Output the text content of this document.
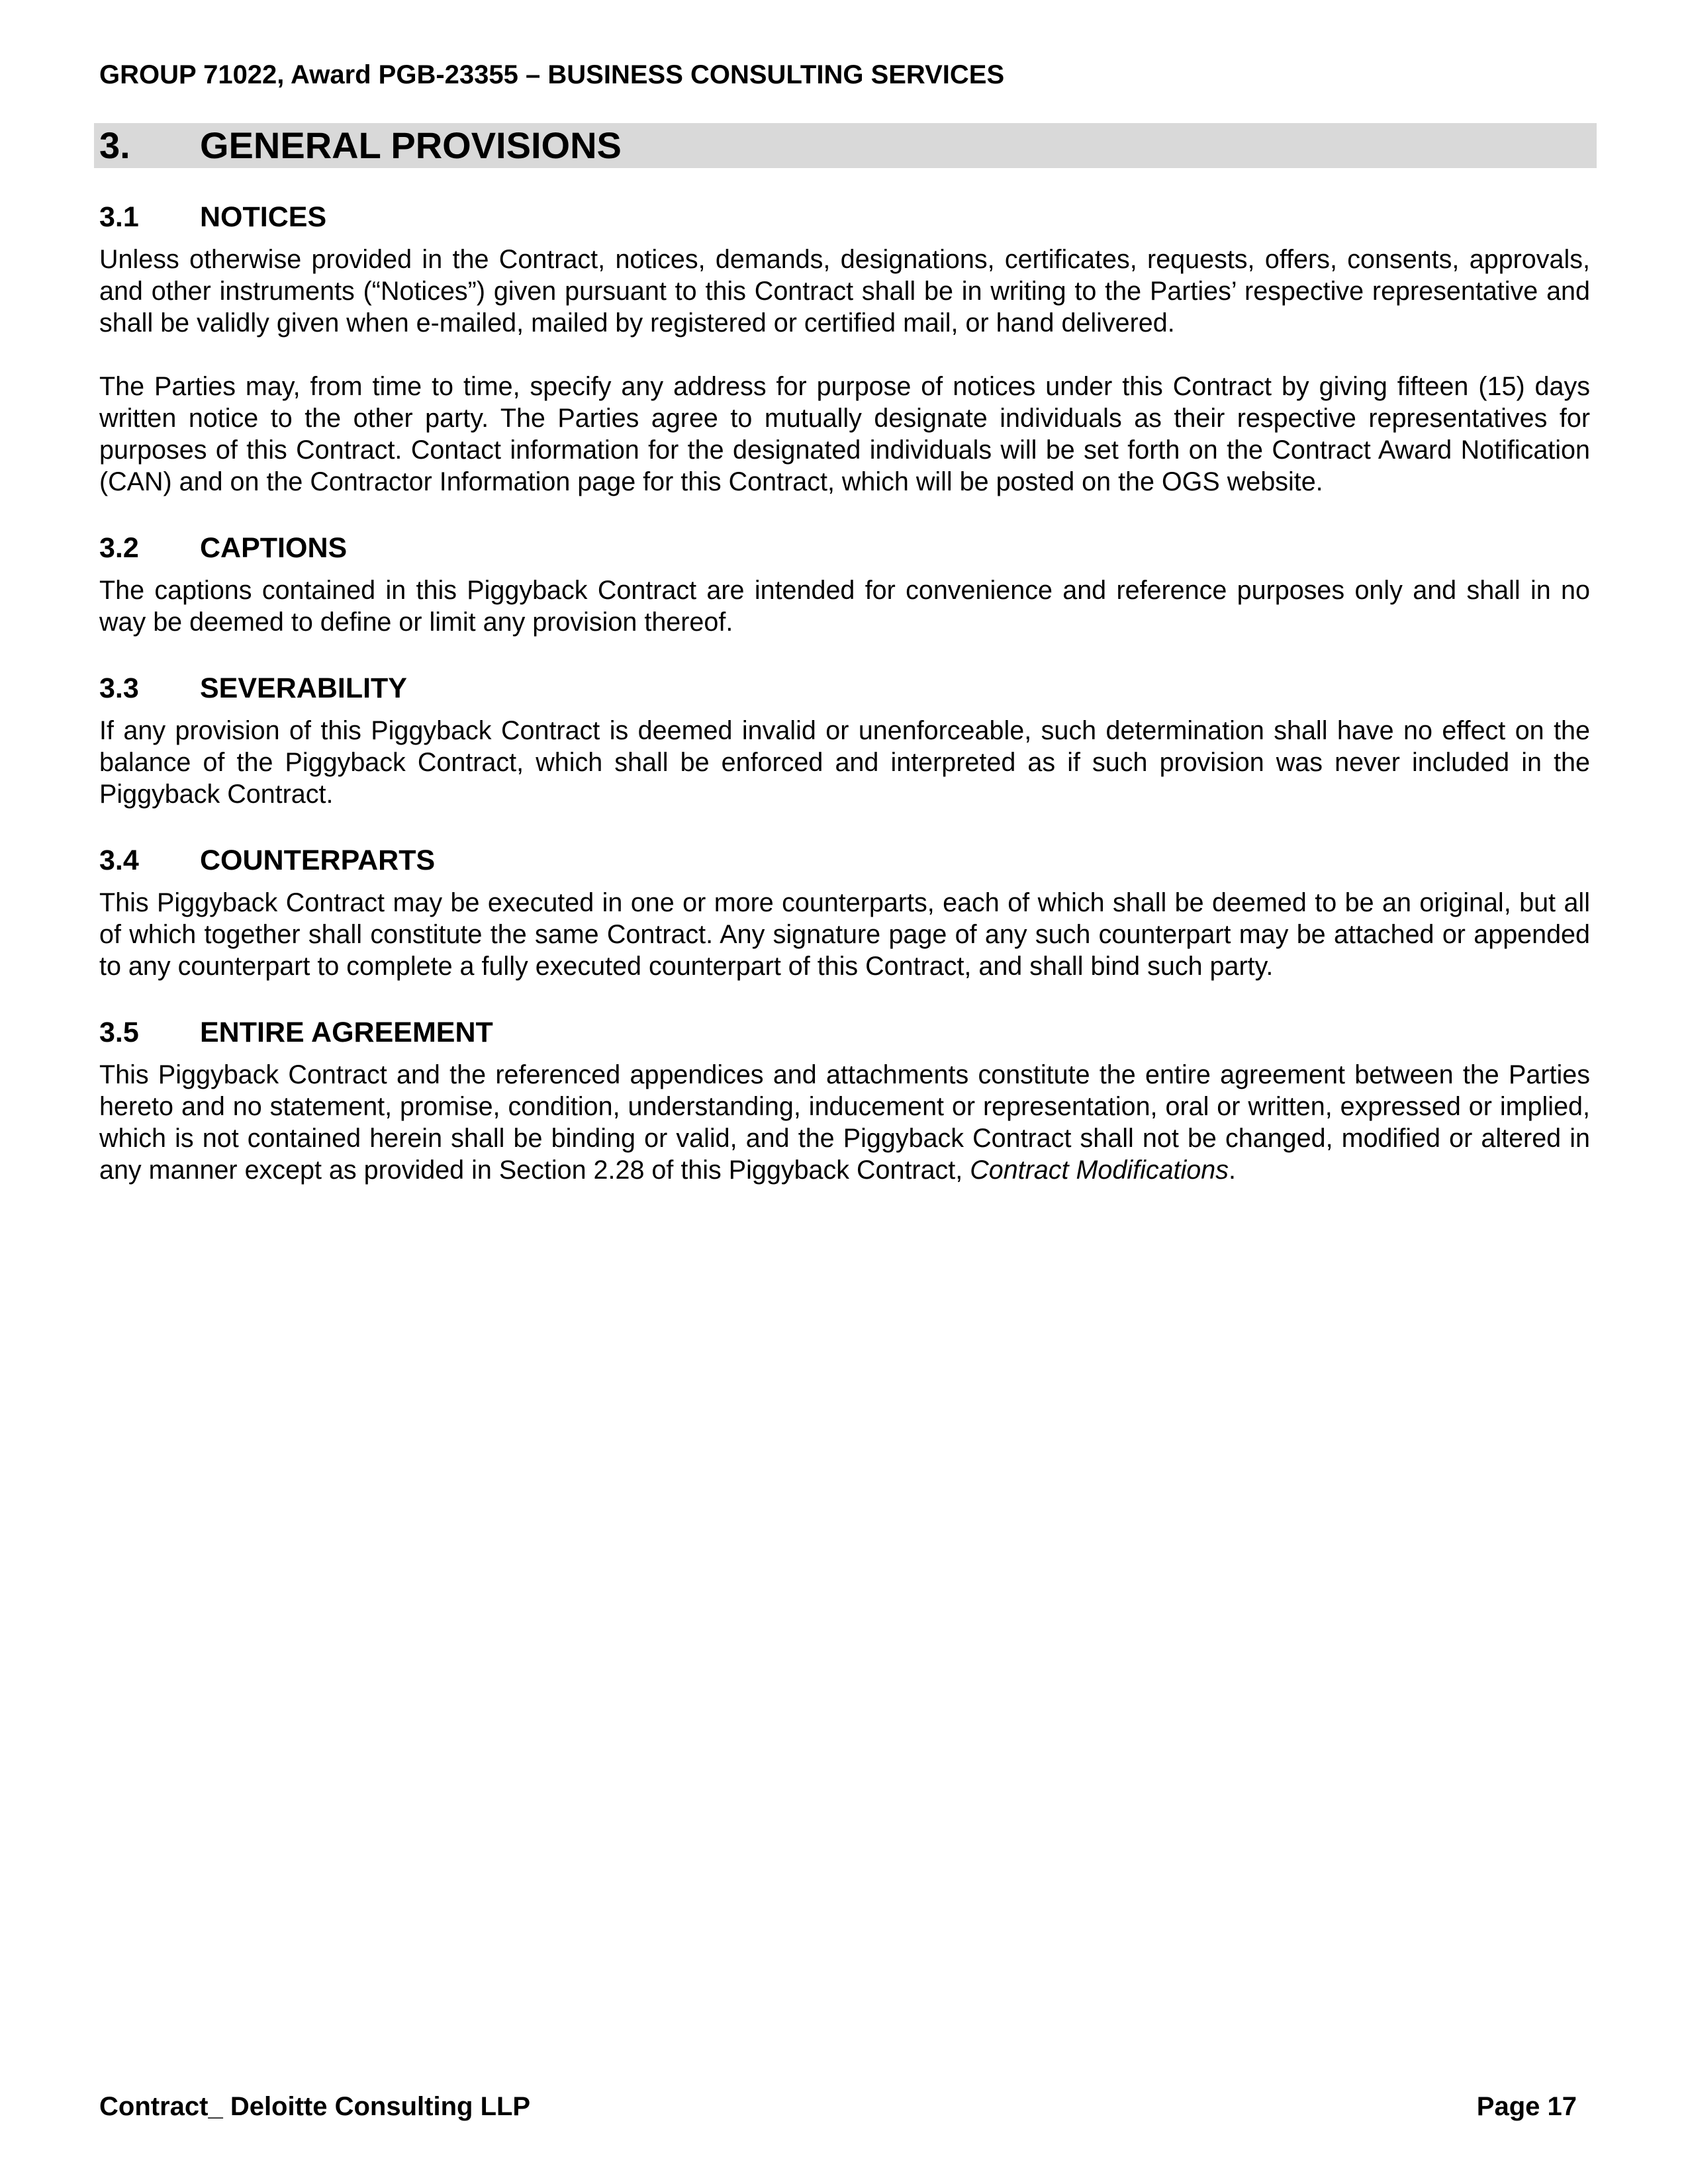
GROUP 71022, Award PGB-23355 – BUSINESS CONSULTING SERVICES
3. GENERAL PROVISIONS
3.1 NOTICES

Unless otherwise provided in the Contract, notices, demands, designations, certificates, requests, offers, consents, approvals, and other instruments (“Notices”) given pursuant to this Contract shall be in writing to the Parties’ respective representative and shall be validly given when e-mailed, mailed by registered or certified mail, or hand delivered.

The Parties may, from time to time, specify any address for purpose of notices under this Contract by giving fifteen (15) days written notice to the other party. The Parties agree to mutually designate individuals as their respective representatives for purposes of this Contract. Contact information for the designated individuals will be set forth on the Contract Award Notification (CAN) and on the Contractor Information page for this Contract, which will be posted on the OGS website.

3.2 CAPTIONS

The captions contained in this Piggyback Contract are intended for convenience and reference purposes only and shall in no way be deemed to define or limit any provision thereof.

3.3 SEVERABILITY

If any provision of this Piggyback Contract is deemed invalid or unenforceable, such determination shall have no effect on the balance of the Piggyback Contract, which shall be enforced and interpreted as if such provision was never included in the Piggyback Contract.

3.4 COUNTERPARTS

This Piggyback Contract may be executed in one or more counterparts, each of which shall be deemed to be an original, but all of which together shall constitute the same Contract. Any signature page of any such counterpart may be attached or appended to any counterpart to complete a fully executed counterpart of this Contract, and shall bind such party.

3.5 ENTIRE AGREEMENT

This Piggyback Contract and the referenced appendices and attachments constitute the entire agreement between the Parties hereto and no statement, promise, condition, understanding, inducement or representation, oral or written, expressed or implied, which is not contained herein shall be binding or valid, and the Piggyback Contract shall not be changed, modified or altered in any manner except as provided in Section 2.28 of this Piggyback Contract, Contract Modifications.

Contract_ Deloitte Consulting LLP	Page 17
